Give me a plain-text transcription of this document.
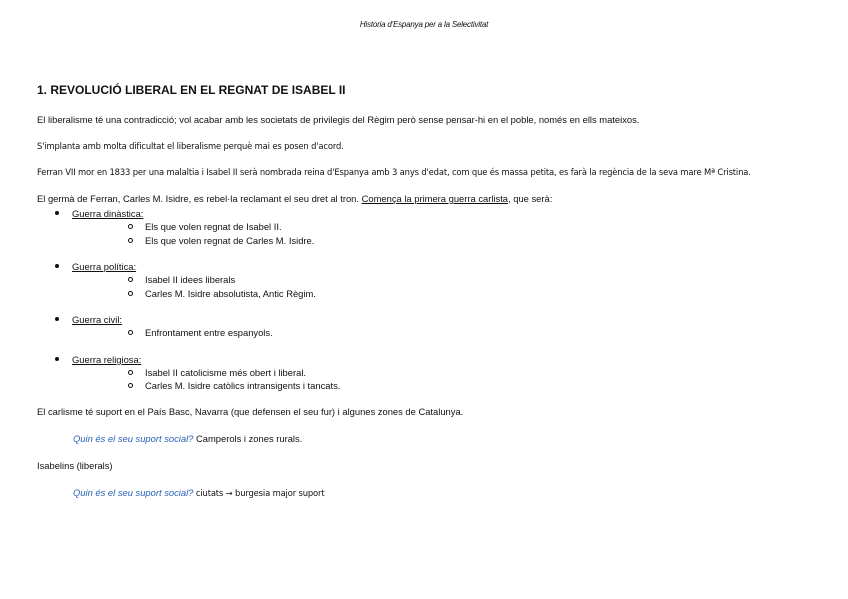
Historia d'Espanya per a la Selectivitat
1. REVOLUCIÓ LIBERAL EN EL REGNAT DE ISABEL II

El liberalisme té una contradicció; vol acabar amb les societats de privilegis del Règim però sense pensar-hi en el poble, només en ells mateixos.

S'implanta amb molta dificultat el liberalisme perquè mai es posen d'acord.

Ferran VII mor en 1833 per una malaltia i Isabel II serà nombrada reina d'Espanya amb 3 anys d'edat, com que és massa petita, es farà la regència de la seva mare Mª Cristina.

El germà de Ferran, Carles M. Isidre, es rebel·la reclamant el seu dret al tron. Comença la primera guerra carlista, que serà:

Guerra dinàstica:
Els que volen regnat de Isabel II.
Els que volen regnat de Carles M. Isidre.
Guerra política:
Isabel II idees liberals
Carles M. Isidre absolutista, Antic Règim.
Guerra civil:
Enfrontament entre espanyols.
Guerra religiosa:
Isabel II catolicisme més obert i liberal.
Carles M. Isidre catòlics intransigents i tancats.

El carlisme té suport en el País Basc, Navarra (que defensen el seu fur) i algunes zones de Catalunya.

Quin és el seu suport social? Camperols i zones rurals.

Isabelins (liberals)

Quin és el seu suport social? ciutats → burgesia major suport
